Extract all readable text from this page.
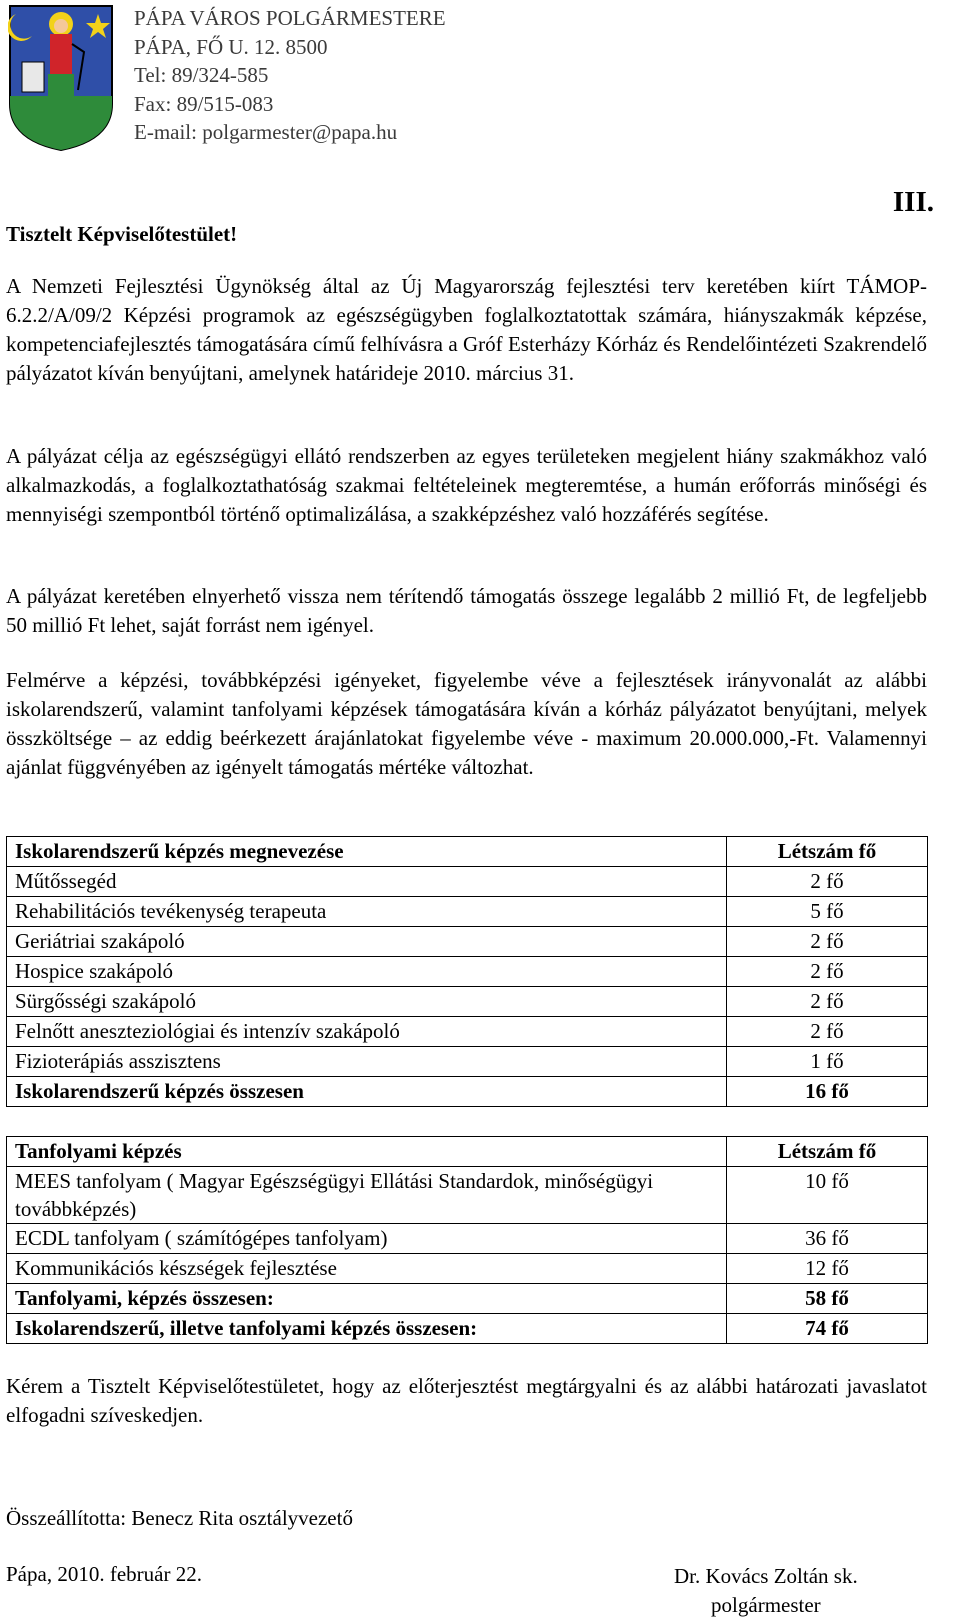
PÁPA VÁROS POLGÁRMESTERE
PÁPA, FŐ U. 12. 8500
Tel: 89/324-585
Fax: 89/515-083
E-mail: polgarmester@papa.hu
Tisztelt Képviselőtestület!
III.
A Nemzeti Fejlesztési Ügynökség által az Új Magyarország fejlesztési terv keretében kiírt TÁMOP-6.2.2/A/09/2 Képzési programok az egészségügyben foglalkoztatottak számára, hiányszakmák képzése, kompetenciafejlesztés támogatására című felhívásra a Gróf Esterházy Kórház és Rendelőintézeti Szakrendelő pályázatot kíván benyújtani, amelynek határideje 2010. március 31.
A pályázat célja az egészségügyi ellátó rendszerben az egyes területeken megjelent hiány szakmákhoz való alkalmazkodás, a foglalkoztathatóság szakmai feltételeinek megteremtése, a humán erőforrás minőségi és mennyiségi szempontból történő optimalizálása, a szakképzéshez való hozzáférés segítése.
A pályázat keretében elnyerhető vissza nem térítendő támogatás összege legalább 2 millió Ft, de legfeljebb 50 millió Ft lehet, saját forrást nem igényel.
Felmérve a képzési, továbbképzési igényeket, figyelembe véve a fejlesztések irányvonalát az alábbi iskolarendszerű, valamint tanfolyami képzések támogatására kíván a kórház pályázatot benyújtani, melyek összköltsége – az eddig beérkezett árajánlatokat figyelembe véve - maximum 20.000.000,-Ft. Valamennyi ajánlat függvényében az igényelt támogatás mértéke változhat.
Iskolarendszerű képzés megnevezése	Létszám fő
Műtőssegéd	2 fő
Rehabilitációs tevékenység terapeuta	5 fő
Geriátriai szakápoló	2 fő
Hospice szakápoló	2 fő
Sürgősségi szakápoló	2 fő
Felnőtt aneszteziológiai és intenzív szakápoló	2 fő
Fizioterápiás asszisztens	1 fő
Iskolarendszerű képzés összesen	16 fő
Tanfolyami képzés	Létszám fő
MEES tanfolyam ( Magyar Egészségügyi Ellátási Standardok, minőségügyi továbbképzés)	10 fő
ECDL tanfolyam ( számítógépes tanfolyam)	36 fő
Kommunikációs készségek fejlesztése	12 fő
Tanfolyami, képzés összesen:	58 fő
Iskolarendszerű, illetve tanfolyami képzés összesen:	74 fő
Kérem a Tisztelt Képviselőtestületet, hogy az előterjesztést megtárgyalni és az alábbi határozati javaslatot elfogadni szíveskedjen.
Összeállította: Benecz Rita osztályvezető
Pápa, 2010. február 22.	Dr. Kovács Zoltán sk.
polgármester
